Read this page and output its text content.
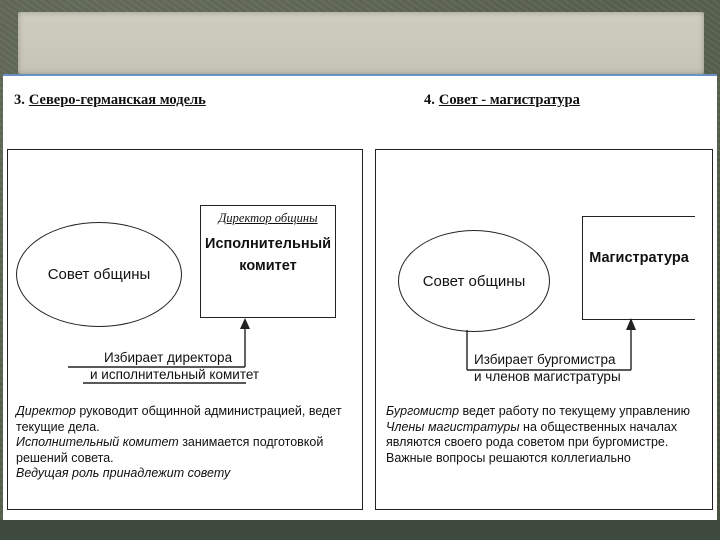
3. Северо-германская модель
Совет общины
Директор общины
Исполнительный комитет
Избирает директора
и исполнительный комитет

Директор руководит общинной администрацией, ведет текущие дела.

Исполнительный комитет занимается подготовкой решений совета.

Ведущая роль принадлежит совету

4. Совет - магистратура
Совет общины
Магистратура
Избирает бургомистра
и членов магистратуры

Бургомистр ведет работу по текущему управлению

Члены магистратуры на общественных началах являются своего рода советом при бургомистре.

Важные вопросы решаются коллегиально
